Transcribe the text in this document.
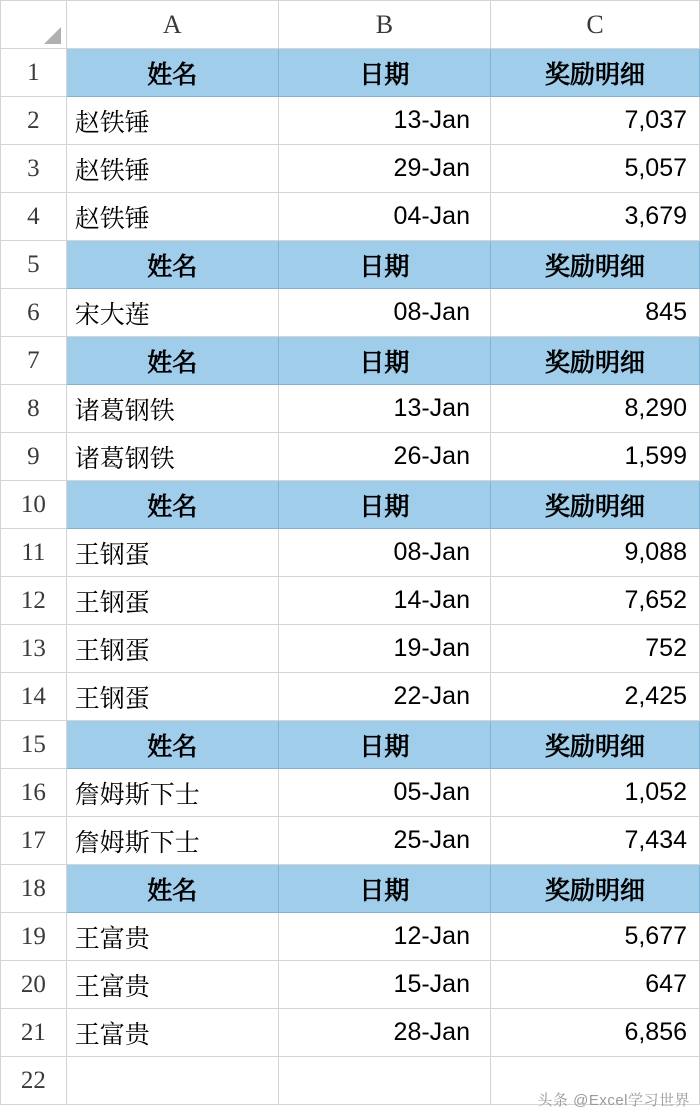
	A	B	C
1	姓名	日期	奖励明细
2	赵铁锤	13-Jan	7,037
3	赵铁锤	29-Jan	5,057
4	赵铁锤	04-Jan	3,679
5	姓名	日期	奖励明细
6	宋大莲	08-Jan	845
7	姓名	日期	奖励明细
8	诸葛钢铁	13-Jan	8,290
9	诸葛钢铁	26-Jan	1,599
10	姓名	日期	奖励明细
11	王钢蛋	08-Jan	9,088
12	王钢蛋	14-Jan	7,652
13	王钢蛋	19-Jan	752
14	王钢蛋	22-Jan	2,425
15	姓名	日期	奖励明细
16	詹姆斯下士	05-Jan	1,052
17	詹姆斯下士	25-Jan	7,434
18	姓名	日期	奖励明细
19	王富贵	12-Jan	5,677
20	王富贵	15-Jan	647
21	王富贵	28-Jan	6,856
22			
头条 @Excel学习世界
